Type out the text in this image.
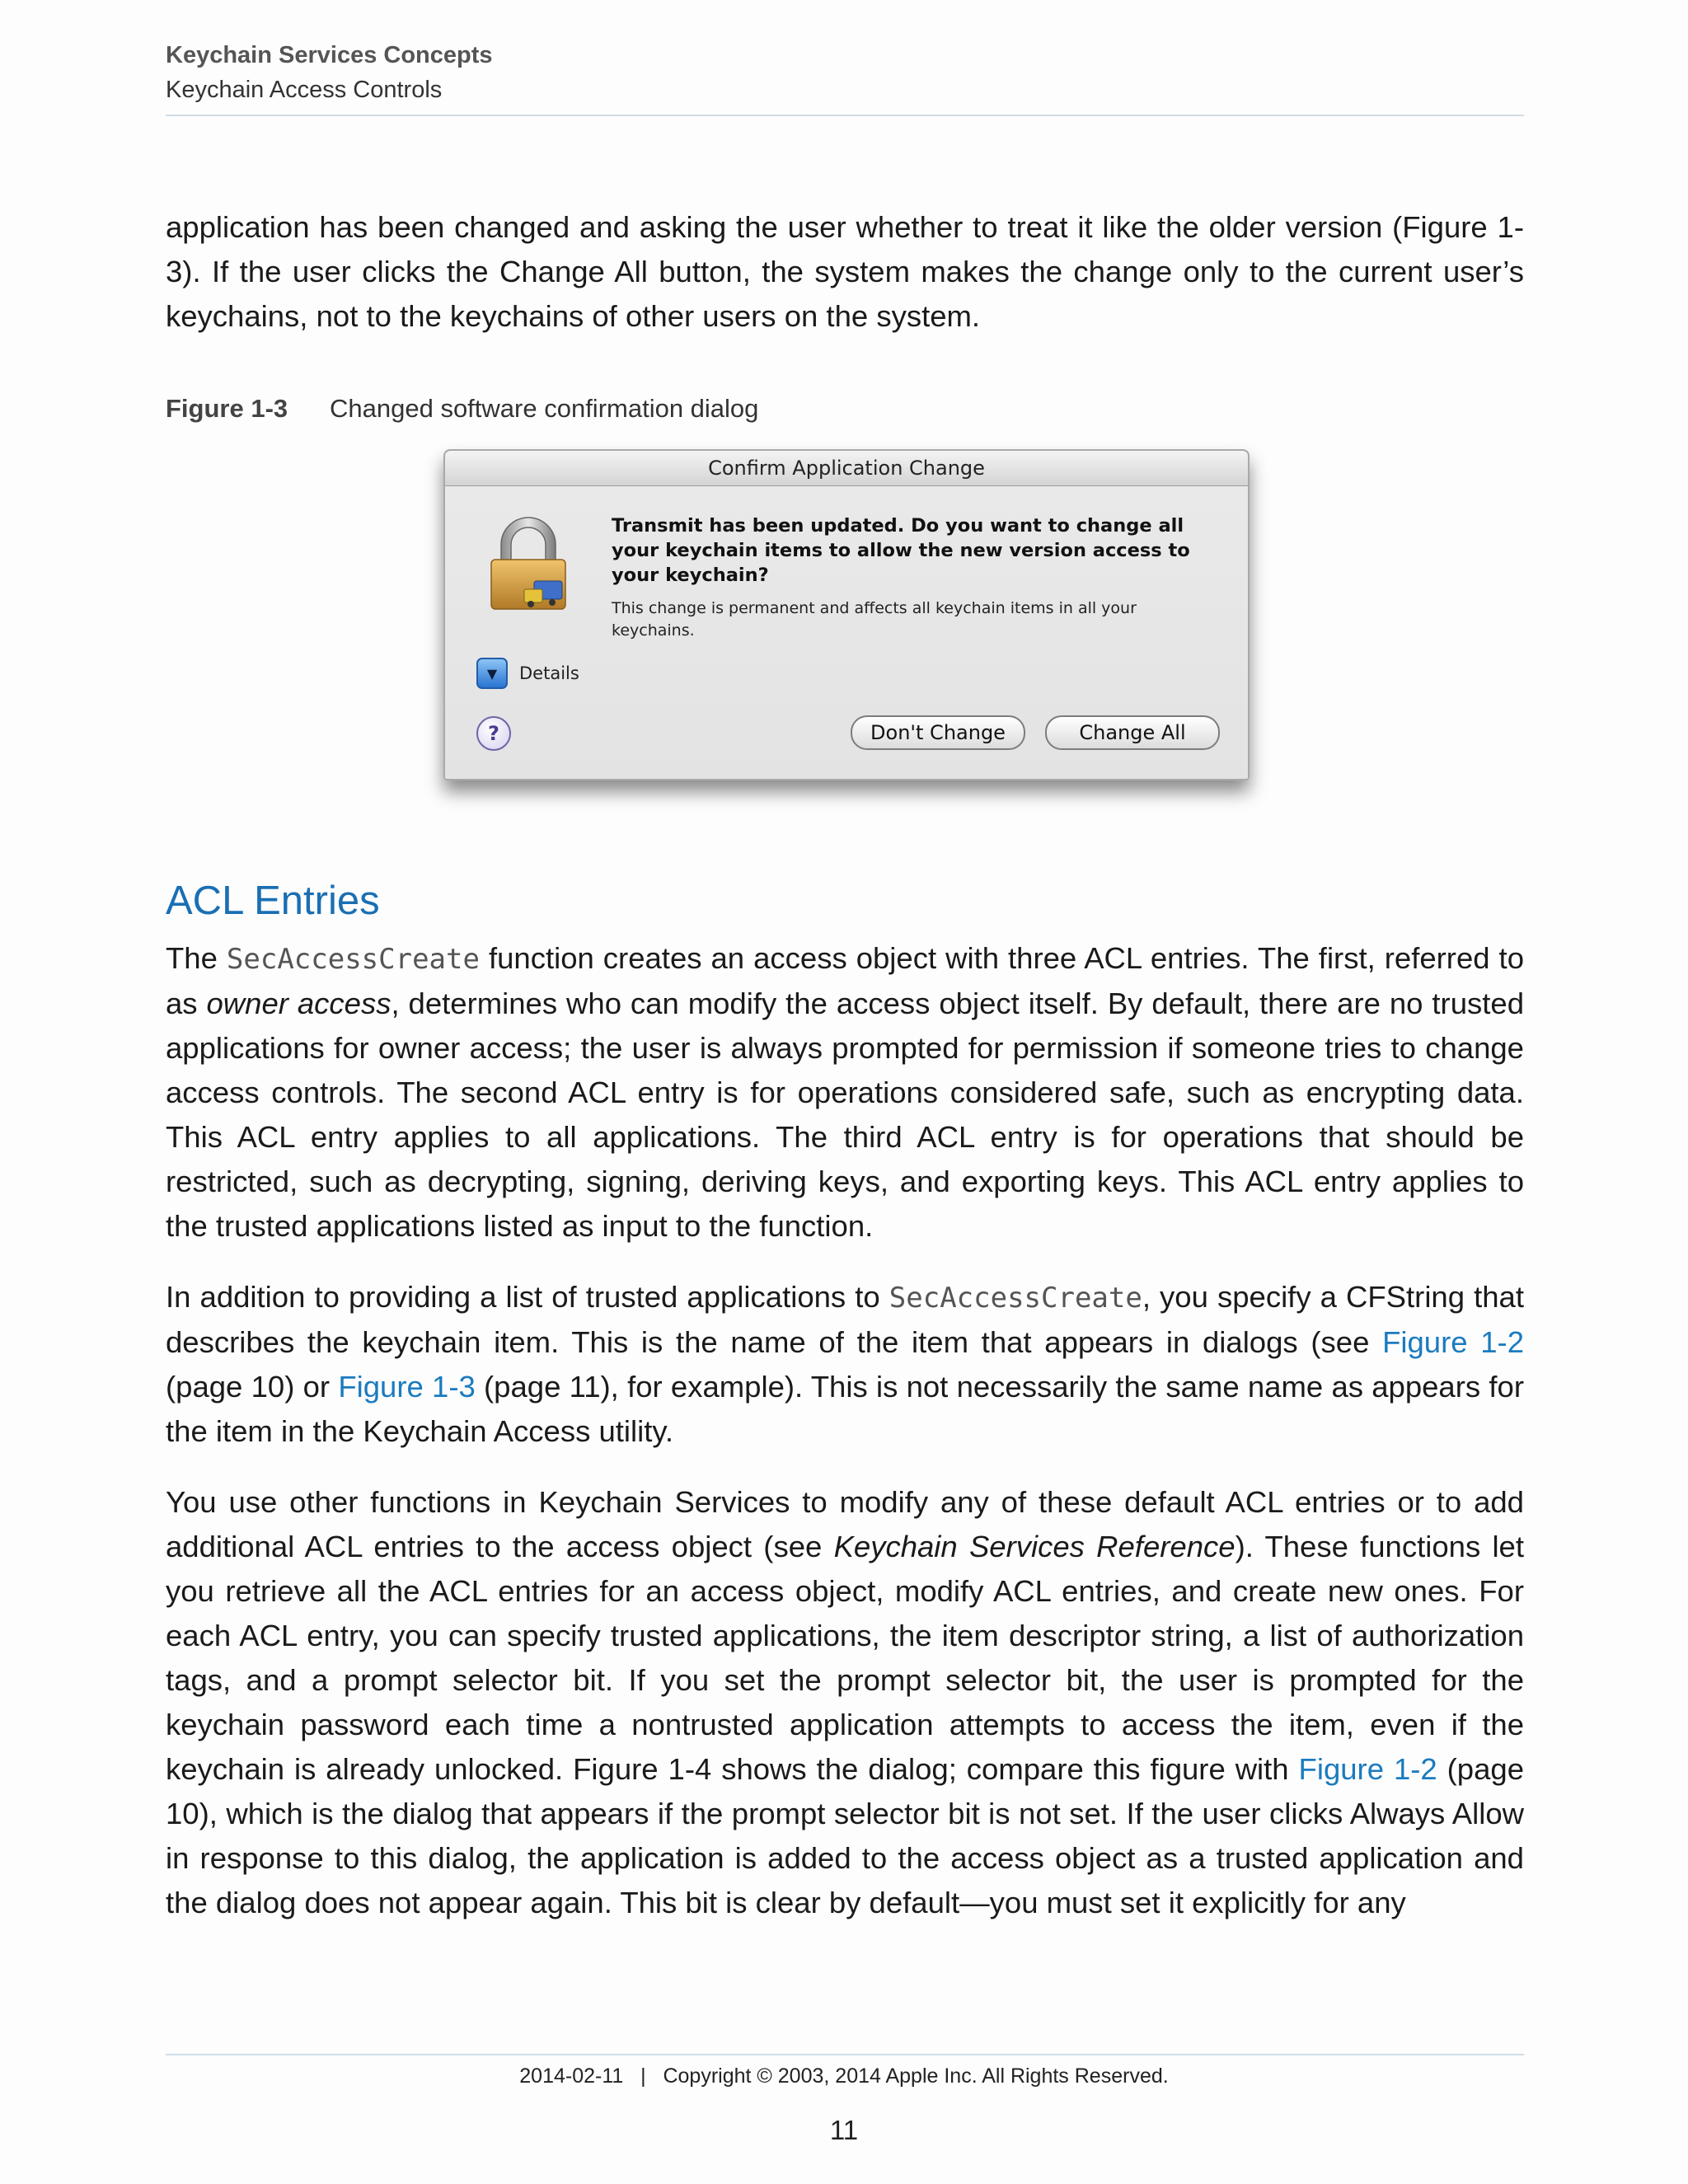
Keychain Services Concepts
Keychain Access Controls

application has been changed and asking the user whether to treat it like the older version (Figure 1-3). If the user clicks the Change All button, the system makes the change only to the current user’s keychains, not to the keychains of other users on the system.

Figure 1-3 Changed software confirmation dialog
Confirm Application Change
Transmit has been updated. Do you want to change all your keychain items to allow the new version access to your keychain?
This change is permanent and affects all keychain items in all your keychains.
▼	Details
?	Don't Change	Change All
ACL Entries

The SecAccessCreate function creates an access object with three ACL entries. The first, referred to as owner access, determines who can modify the access object itself. By default, there are no trusted applications for owner access; the user is always prompted for permission if someone tries to change access controls. The second ACL entry is for operations considered safe, such as encrypting data. This ACL entry applies to all applications. The third ACL entry is for operations that should be restricted, such as decrypting, signing, deriving keys, and exporting keys. This ACL entry applies to the trusted applications listed as input to the function.

In addition to providing a list of trusted applications to SecAccessCreate, you specify a CFString that describes the keychain item. This is the name of the item that appears in dialogs (see Figure 1-2 (page 10) or Figure 1-3 (page 11), for example). This is not necessarily the same name as appears for the item in the Keychain Access utility.

You use other functions in Keychain Services to modify any of these default ACL entries or to add additional ACL entries to the access object (see Keychain Services Reference). These functions let you retrieve all the ACL entries for an access object, modify ACL entries, and create new ones. For each ACL entry, you can specify trusted applications, the item descriptor string, a list of authorization tags, and a prompt selector bit. If you set the prompt selector bit, the user is prompted for the keychain password each time a nontrusted application attempts to access the item, even if the keychain is already unlocked. Figure 1-4 shows the dialog; compare this figure with Figure 1-2 (page 10), which is the dialog that appears if the prompt selector bit is not set. If the user clicks Always Allow in response to this dialog, the application is added to the access object as a trusted application and the dialog does not appear again. This bit is clear by default—you must set it explicitly for any

2014-02-11   |   Copyright © 2003, 2014 Apple Inc. All Rights Reserved.
11
